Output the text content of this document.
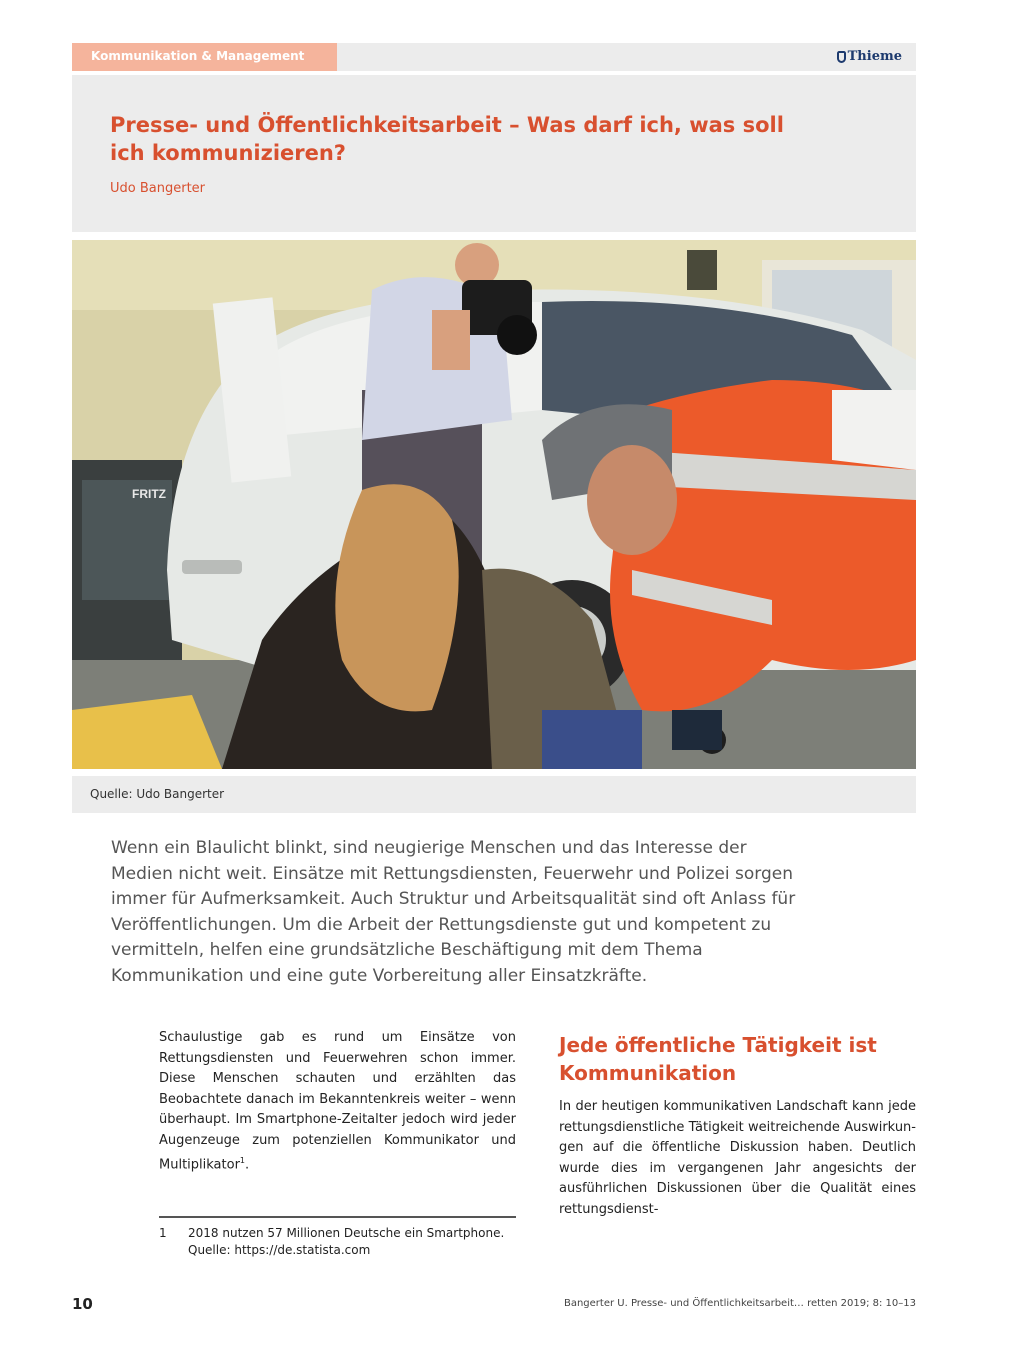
Kommunikation & Management	Thieme
Presse- und Öffentlichkeitsarbeit – Was darf ich, was soll ich kommunizieren?
Udo Bangerter
FRITZ
Quelle: Udo Bangerter

Wenn ein Blaulicht blinkt, sind neugierige Menschen und das Interesse der Medien nicht weit. Einsätze mit Rettungsdiensten, Feuerwehr und Polizei sorgen immer für Aufmerksamkeit. Auch Struktur und Arbeitsqualität sind oft Anlass für Veröffentlichungen. Um die Arbeit der Rettungsdienste gut und kompetent zu vermitteln, helfen eine grundsätzliche Beschäftigung mit dem Thema Kommunikation und eine gute Vorbereitung aller Einsatzkräfte.

Schaulustige gab es rund um Einsätze von Rettungsdiensten und Feuerwehren schon immer. Diese Menschen schauten und erzählten das Beobachtete danach im Bekanntenkreis weiter – wenn überhaupt. Im Smartphone-Zeitalter jedoch wird jeder Augenzeuge zum potenziellen Kommunikator und Multiplikator$^1$.
Jede öffentliche Tätigkeit ist Kommunikation

In der heutigen kommunikativen Landschaft kann jede rettungsdienstliche Tätigkeit weitreichende Auswirkungen auf die öffentliche Diskussion haben. Deutlich wurde dies im vergangenen Jahr angesichts der ausführlichen Diskussionen über die Qualität eines rettungsdienst-

1	2018 nutzen 57 Millionen Deutsche ein Smartphone. Quelle: https://de.statista.com
10	Bangerter U. Presse- und Öffentlichkeitsarbeit… retten 2019; 8: 10–13
